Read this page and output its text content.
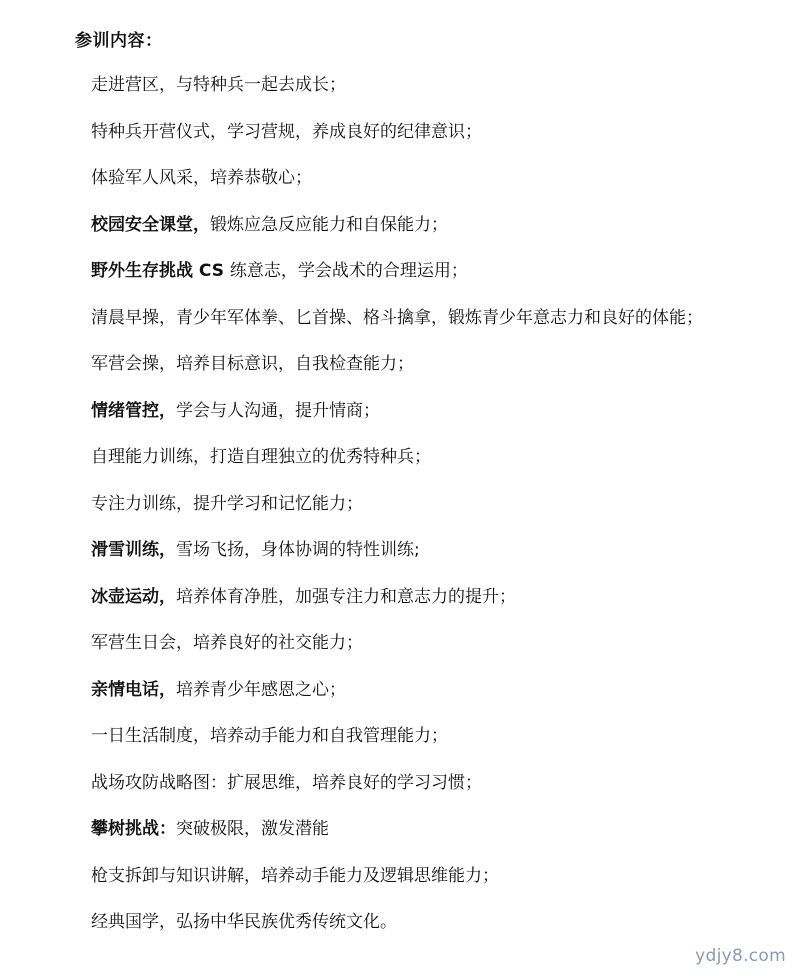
参训内容：
走进营区，与特种兵一起去成长；
特种兵开营仪式，学习营规，养成良好的纪律意识；
体验军人风采，培养恭敬心；
校园安全课堂，锻炼应急反应能力和自保能力；
野外生存挑战 CS 练意志，学会战术的合理运用；
清晨早操，青少年军体拳、匕首操、格斗擒拿，锻炼青少年意志力和良好的体能；
军营会操，培养目标意识，自我检查能力；
情绪管控，学会与人沟通，提升情商；
自理能力训练，打造自理独立的优秀特种兵；
专注力训练，提升学习和记忆能力；
滑雪训练，雪场飞扬，身体协调的特性训练;
冰壶运动，培养体育净胜，加强专注力和意志力的提升；
军营生日会，培养良好的社交能力；
亲情电话，培养青少年感恩之心；
一日生活制度，培养动手能力和自我管理能力；
战场攻防战略图：扩展思维，培养良好的学习习惯；
攀树挑战：突破极限，激发潜能
枪支拆卸与知识讲解，培养动手能力及逻辑思维能力；
经典国学，弘扬中华民族优秀传统文化。
ydjy8.com
